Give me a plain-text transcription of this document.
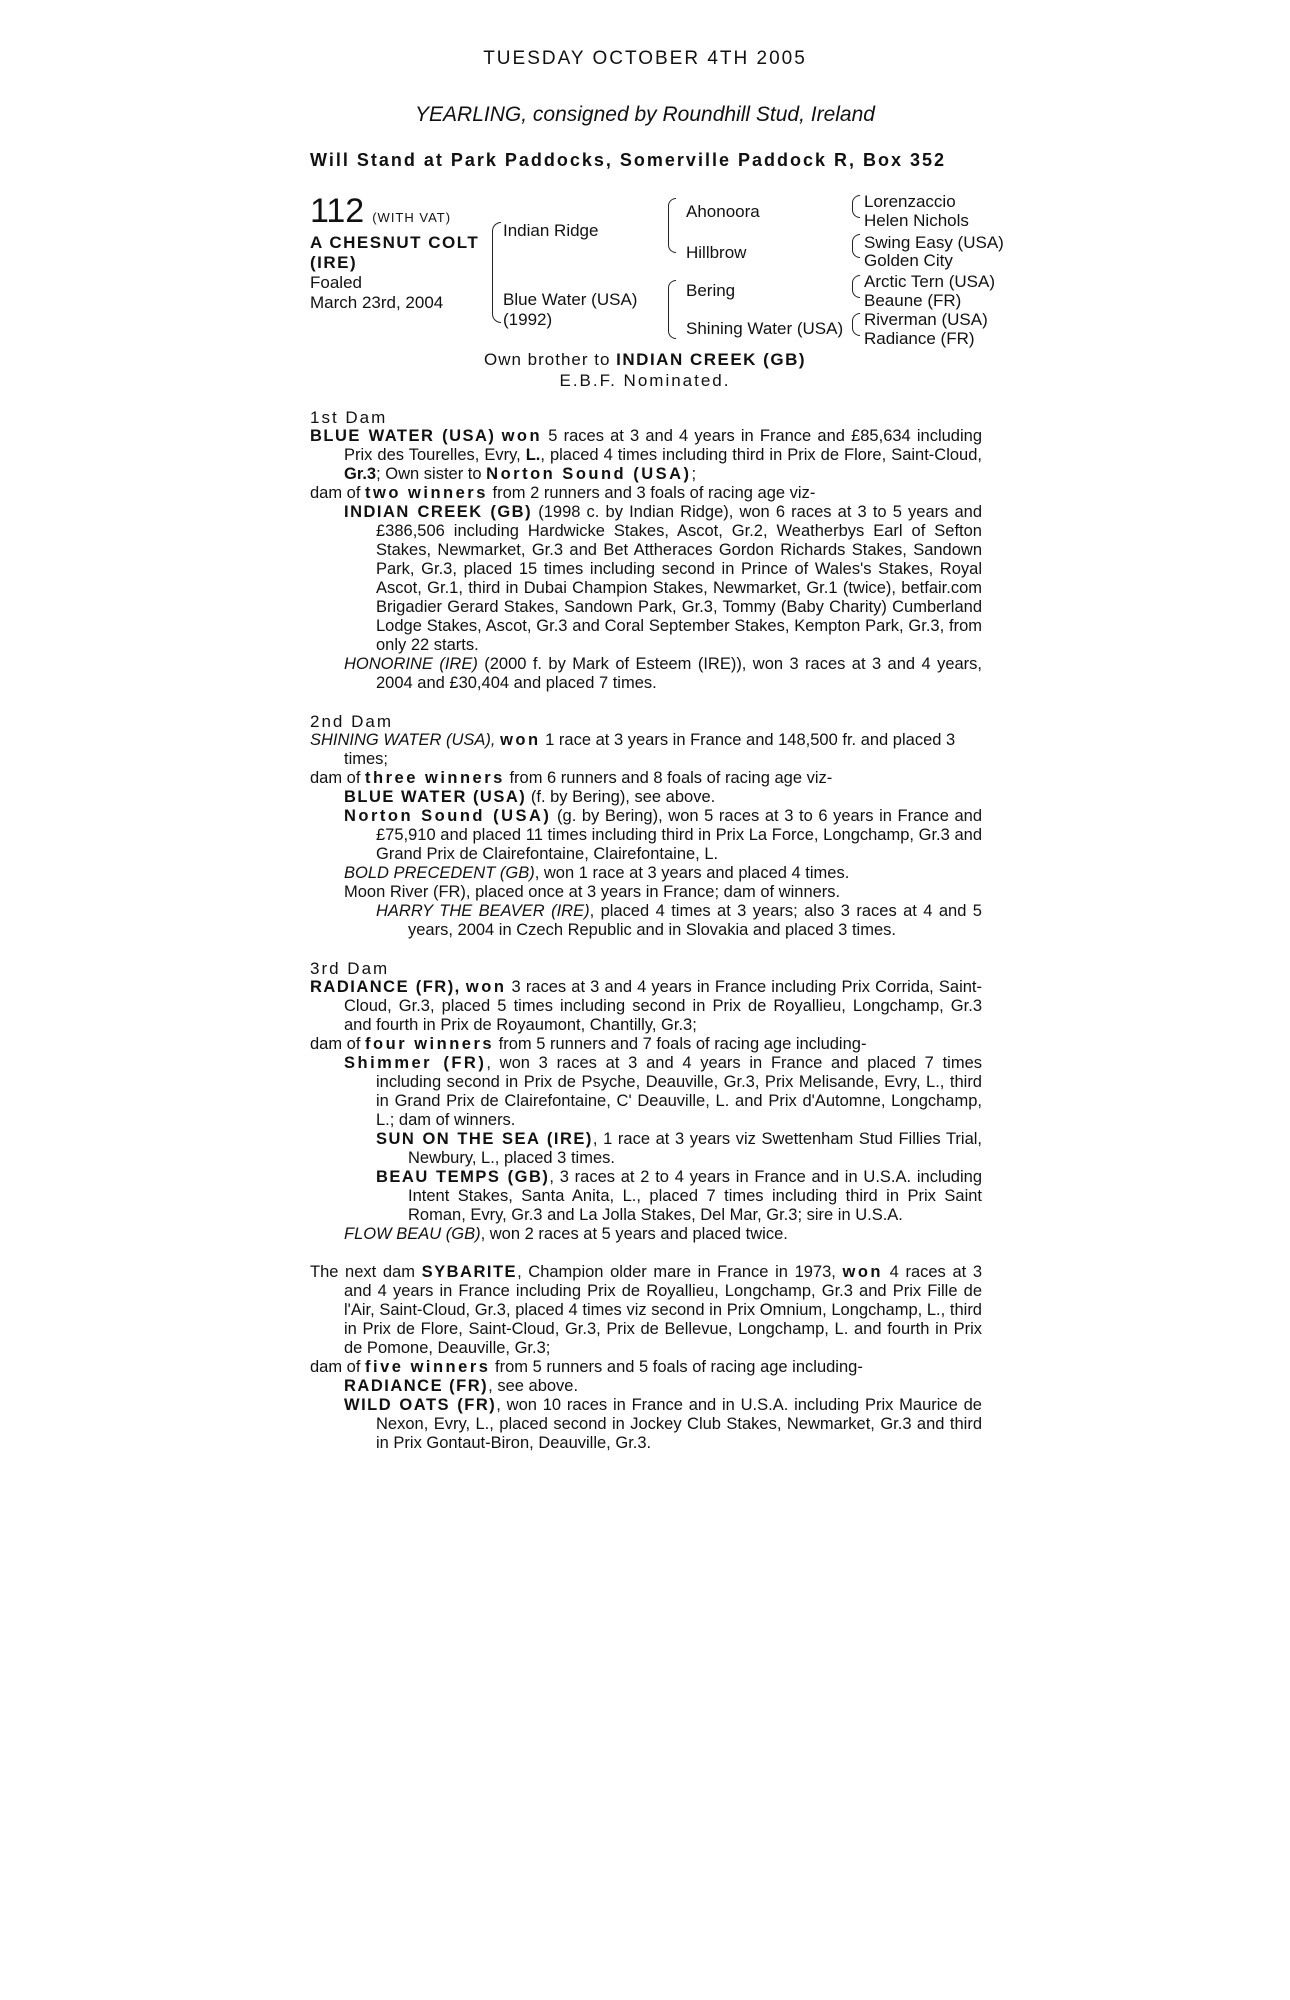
TUESDAY OCTOBER 4TH 2005
YEARLING, consigned by Roundhill Stud, Ireland
Will Stand at Park Paddocks, Somerville Paddock R, Box 352
112 (WITH VAT)
A CHESNUT COLT
(IRE)
Foaled
March 23rd, 2004
Indian Ridge
Blue Water (USA)
(1992)
Ahonoora
Hillbrow
Bering
Shining Water (USA)
Lorenzaccio
Helen Nichols
Swing Easy (USA)
Golden City
Arctic Tern (USA)
Beaune (FR)
Riverman (USA)
Radiance (FR)
Own brother to INDIAN CREEK (GB)
E.B.F. Nominated.

1st Dam

BLUE WATER (USA) won 5 races at 3 and 4 years in France and £85,634 including Prix des Tourelles, Evry, L., placed 4 times including third in Prix de Flore, Saint-Cloud, Gr.3; Own sister to Norton Sound (USA);

dam of two winners from 2 runners and 3 foals of racing age viz-

INDIAN CREEK (GB) (1998 c. by Indian Ridge), won 6 races at 3 to 5 years and £386,506 including Hardwicke Stakes, Ascot, Gr.2, Weatherbys Earl of Sefton Stakes, Newmarket, Gr.3 and Bet Attheraces Gordon Richards Stakes, Sandown Park, Gr.3, placed 15 times including second in Prince of Wales's Stakes, Royal Ascot, Gr.1, third in Dubai Champion Stakes, Newmarket, Gr.1 (twice), betfair.com Brigadier Gerard Stakes, Sandown Park, Gr.3, Tommy (Baby Charity) Cumberland Lodge Stakes, Ascot, Gr.3 and Coral September Stakes, Kempton Park, Gr.3, from only 22 starts.

HONORINE (IRE) (2000 f. by Mark of Esteem (IRE)), won 3 races at 3 and 4 years, 2004 and £30,404 and placed 7 times.

2nd Dam

SHINING WATER (USA), won 1 race at 3 years in France and 148,500 fr. and placed 3 times;

dam of three winners from 6 runners and 8 foals of racing age viz-

BLUE WATER (USA) (f. by Bering), see above.

Norton Sound (USA) (g. by Bering), won 5 races at 3 to 6 years in France and £75,910 and placed 11 times including third in Prix La Force, Longchamp, Gr.3 and Grand Prix de Clairefontaine, Clairefontaine, L.

BOLD PRECEDENT (GB), won 1 race at 3 years and placed 4 times.

Moon River (FR), placed once at 3 years in France; dam of winners.

HARRY THE BEAVER (IRE), placed 4 times at 3 years; also 3 races at 4 and 5 years, 2004 in Czech Republic and in Slovakia and placed 3 times.

3rd Dam

RADIANCE (FR), won 3 races at 3 and 4 years in France including Prix Corrida, Saint-Cloud, Gr.3, placed 5 times including second in Prix de Royallieu, Longchamp, Gr.3 and fourth in Prix de Royaumont, Chantilly, Gr.3;

dam of four winners from 5 runners and 7 foals of racing age including-

Shimmer (FR), won 3 races at 3 and 4 years in France and placed 7 times including second in Prix de Psyche, Deauville, Gr.3, Prix Melisande, Evry, L., third in Grand Prix de Clairefontaine, C' Deauville, L. and Prix d'Automne, Longchamp, L.; dam of winners.

SUN ON THE SEA (IRE), 1 race at 3 years viz Swettenham Stud Fillies Trial, Newbury, L., placed 3 times.

BEAU TEMPS (GB), 3 races at 2 to 4 years in France and in U.S.A. including Intent Stakes, Santa Anita, L., placed 7 times including third in Prix Saint Roman, Evry, Gr.3 and La Jolla Stakes, Del Mar, Gr.3; sire in U.S.A.

FLOW BEAU (GB), won 2 races at 5 years and placed twice.

The next dam SYBARITE, Champion older mare in France in 1973, won 4 races at 3 and 4 years in France including Prix de Royallieu, Longchamp, Gr.3 and Prix Fille de l'Air, Saint-Cloud, Gr.3, placed 4 times viz second in Prix Omnium, Longchamp, L., third in Prix de Flore, Saint-Cloud, Gr.3, Prix de Bellevue, Longchamp, L. and fourth in Prix de Pomone, Deauville, Gr.3;

dam of five winners from 5 runners and 5 foals of racing age including-

RADIANCE (FR), see above.

WILD OATS (FR), won 10 races in France and in U.S.A. including Prix Maurice de Nexon, Evry, L., placed second in Jockey Club Stakes, Newmarket, Gr.3 and third in Prix Gontaut-Biron, Deauville, Gr.3.
